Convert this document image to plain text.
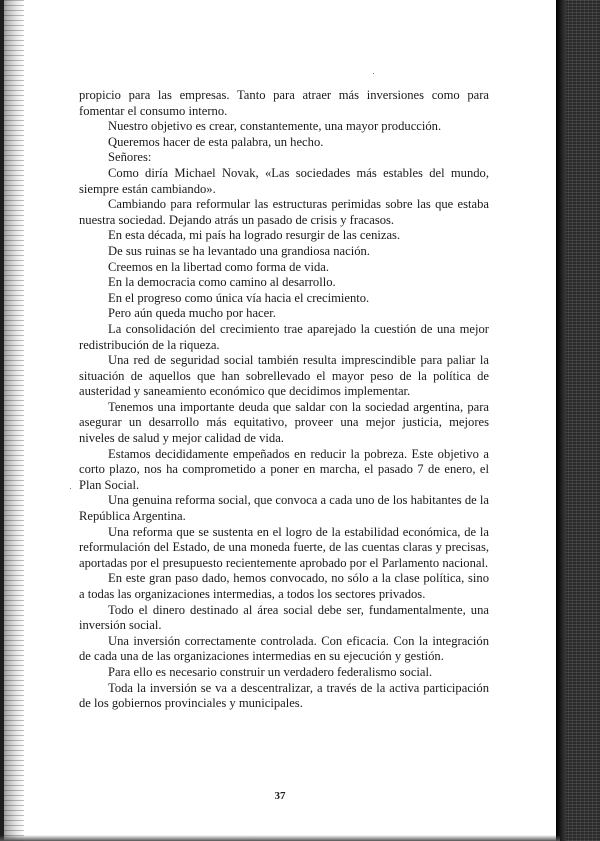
propicio para las empresas. Tanto para atraer más inversiones como para fomentar el consumo interno.

Nuestro objetivo es crear, constantemente, una mayor producción.

Queremos hacer de esta palabra, un hecho.

Señores:

Como diría Michael Novak, «Las sociedades más estables del mundo, siempre están cambiando».

Cambiando para reformular las estructuras perimidas sobre las que estaba nuestra sociedad. Dejando atrás un pasado de crisis y fracasos.

En esta década, mi país ha logrado resurgir de las cenizas.

De sus ruinas se ha levantado una grandiosa nación.

Creemos en la libertad como forma de vida.

En la democracia como camino al desarrollo.

En el progreso como única vía hacia el crecimiento.

Pero aún queda mucho por hacer.

La consolidación del crecimiento trae aparejado la cuestión de una mejor redistribución de la riqueza.

Una red de seguridad social también resulta imprescindible para paliar la situación de aquellos que han sobrellevado el mayor peso de la política de austeridad y saneamiento económico que decidimos implementar.

Tenemos una importante deuda que saldar con la sociedad argentina, para asegurar un desarrollo más equitativo, proveer una mejor justicia, mejores niveles de salud y mejor calidad de vida.

Estamos decididamente empeñados en reducir la pobreza. Este objetivo a corto plazo, nos ha comprometido a poner en marcha, el pasado 7 de enero, el Plan Social.

Una genuina reforma social, que convoca a cada uno de los habitantes de la República Argentina.

Una reforma que se sustenta en el logro de la estabilidad económica, de la reformulación del Estado, de una moneda fuerte, de las cuentas claras y precisas, aportadas por el presupuesto recientemente aprobado por el Parlamento nacional.

En este gran paso dado, hemos convocado, no sólo a la clase política, sino a todas las organizaciones intermedias, a todos los sectores privados.

Todo el dinero destinado al área social debe ser, fundamentalmente, una inversión social.

Una inversión correctamente controlada. Con eficacia. Con la integración de cada una de las organizaciones intermedias en su ejecución y gestión.

Para ello es necesario construir un verdadero federalismo social.

Toda la inversión se va a descentralizar, a través de la activa participación de los gobiernos provinciales y municipales.

37
